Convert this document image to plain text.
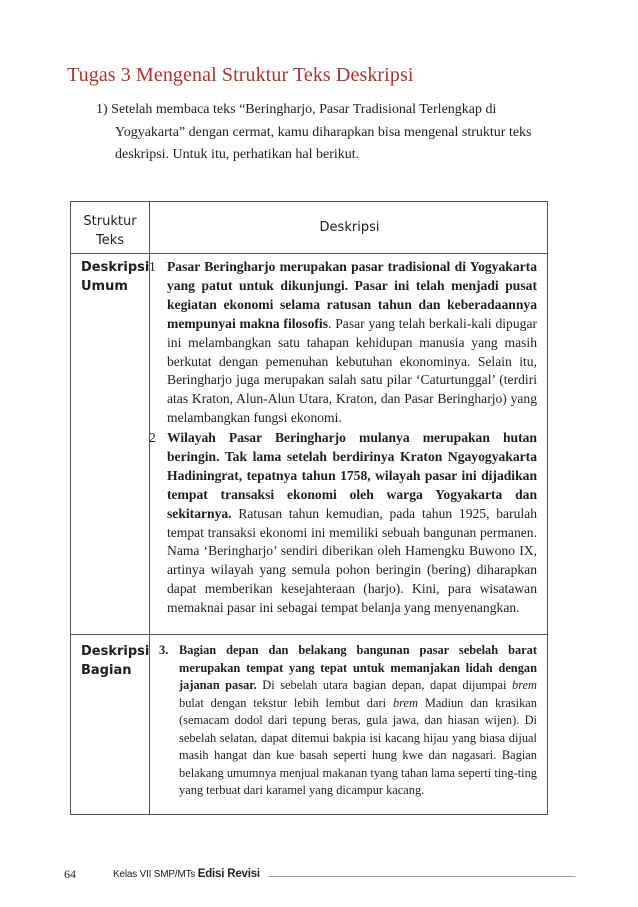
Tugas 3 Mengenal Struktur Teks Deskripsi

1) Setelah membaca teks “Beringharjo, Pasar Tradisional Terlengkap di Yogyakarta” dengan cermat, kamu diharapkan bisa mengenal struktur teks deskripsi. Untuk itu, perhatikan hal berikut.

Struktur
Teks
Deskripsi
Deskripsi
Umum
1 Pasar Beringharjo merupakan pasar tradisional di Yogyakarta yang patut untuk dikunjungi. Pasar ini telah menjadi pusat kegiatan ekonomi selama ratusan tahun dan keberadaannya mempunyai makna filosofis. Pasar yang telah berkali-kali dipugar ini melambangkan satu tahapan kehidupan manusia yang masih berkutat dengan pemenuhan kebutuhan ekonominya. Selain itu, Beringharjo juga merupakan salah satu pilar ‘Caturtunggal’ (terdiri atas Kraton, Alun-Alun Utara, Kraton, dan Pasar Beringharjo) yang melambangkan fungsi ekonomi.
2 Wilayah Pasar Beringharjo mulanya merupakan hutan beringin. Tak lama setelah berdirinya Kraton Ngayogyakarta Hadiningrat, tepatnya tahun 1758, wilayah pasar ini dijadikan tempat transaksi ekonomi oleh warga Yogyakarta dan sekitarnya. Ratusan tahun kemudian, pada tahun 1925, barulah tempat transaksi ekonomi ini memiliki sebuah bangunan permanen. Nama ‘Beringharjo’ sendiri diberikan oleh Hamengku Buwono IX, artinya wilayah yang semula pohon beringin (bering) diharapkan dapat memberikan kesejahteraan (harjo). Kini, para wisatawan memaknai pasar ini sebagai tempat belanja yang menyenangkan.
Deskripsi
Bagian
3. Bagian depan dan belakang bangunan pasar sebelah barat merupakan tempat yang tepat untuk memanjakan lidah dengan jajanan pasar. Di sebelah utara bagian depan, dapat dijumpai brem bulat dengan tekstur lebih lembut dari brem Madiun dan krasikan (semacam dodol dari tepung beras, gula jawa, dan hiasan wijen). Di sebelah selatan, dapat ditemui bakpia isi kacang hijau yang biasa dijual masih hangat dan kue basah seperti hung kwe dan nagasari. Bagian belakang umumnya menjual makanan tyang tahan lama seperti ting-ting yang terbuat dari karamel yang dicampur kacang.
64	Kelas VII SMP/MTs Edisi Revisi
